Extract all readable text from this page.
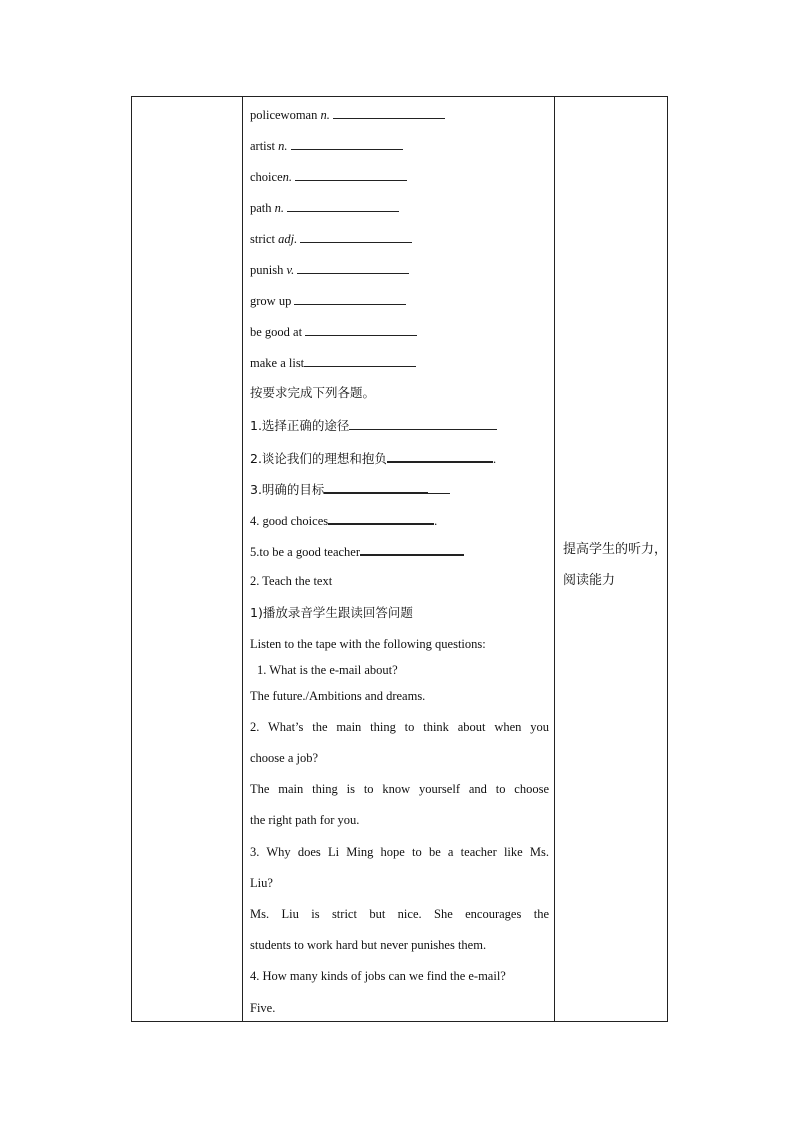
policewoman n.
artist n.
choicen.
path n.
strict adj.
punish v.
grow up
be good at
make a list
按要求完成下列各题。
1.选择正确的途径
2.谈论我们的理想和抱负	.
3.明确的目标
4. good choices	.
5.to be a good teacher
2. Teach the text
1)播放录音学生跟读回答问题
Listen to the tape with the following questions:
1. What is the e-mail about?
The future./Ambitions and dreams.
2. What’s the main thing to think about when you
choose a job?
The main thing is to know yourself and to choose
the right path for you.
3. Why does Li Ming hope to be a teacher like Ms.
Liu?
Ms. Liu is strict but nice. She encourages the
students to work hard but never punishes them.
4. How many kinds of jobs can we find the e-mail?
Five.
提高学生的听力，
阅读能力
